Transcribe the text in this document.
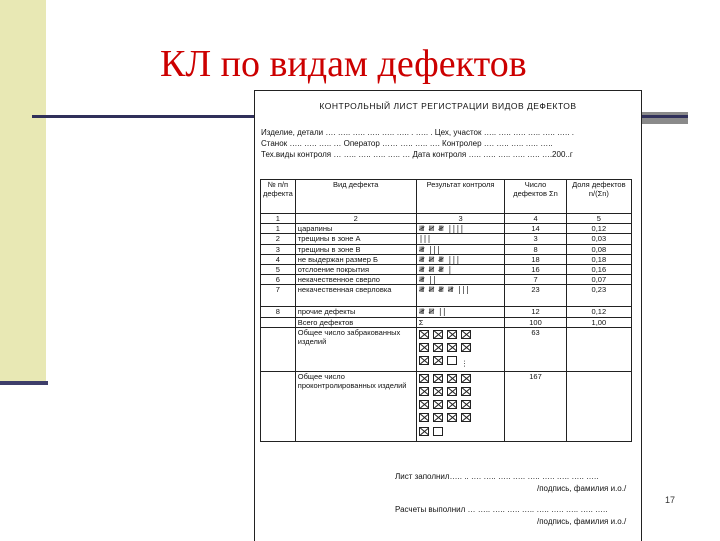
КЛ по видам дефектов
КОНТРОЛЬНЫЙ ЛИСТ РЕГИСТРАЦИИ ВИДОВ ДЕФЕКТОВ
Изделие, детали …. ….. ….. ….. ….. ….. . ….. . Цех, участок ….. ….. ….. ….. ….. ….. .
Станок ….. ….. ….. … Оператор …… ….. ….. …. Контролер …. ….. ….. ….. …..
Тех.виды контроля … ….. ….. ….. ….. … Дата контроля ….. ….. ….. ….. ….. ….200..г
№ п/п дефекта	Вид дефекта	Результат контроля	Число дефектов Σn	Доля дефектов n/(Σn)
1	2	3	4	5
1	царапины	𝍸 𝍸 𝍸 ||||	14	0,12
2	трещины в зоне А	|||	3	0,03
3	трещины в зоне В	𝍸 |||	8	0,08
4	не выдержан размер Б	𝍸 𝍸 𝍸 |||	18	0,18
5	отслоение покрытия	𝍸 𝍸 𝍸 |	16	0,16
6	некачественное сверло	𝍸 ||	7	0,07
7	некачественная сверловка	𝍸 𝍸 𝍸 𝍸 |||	23	0,23
8	прочие дефекты	𝍸 𝍸 ||	12	0,12
	Всего дефектов	Σ	100	1,00
	Общее число забракованных изделий	⋮	63	
	Общее число проконтролированных изделий		167	
Лист заполнил….. .. …. ….. ….. ….. ….. ….. ….. ….. …..
/подпись, фамилия и.о./
Расчеты выполнил … ….. ….. ….. ….. ….. ….. ….. ….. …..
/подпись, фамилия и.о./
17
